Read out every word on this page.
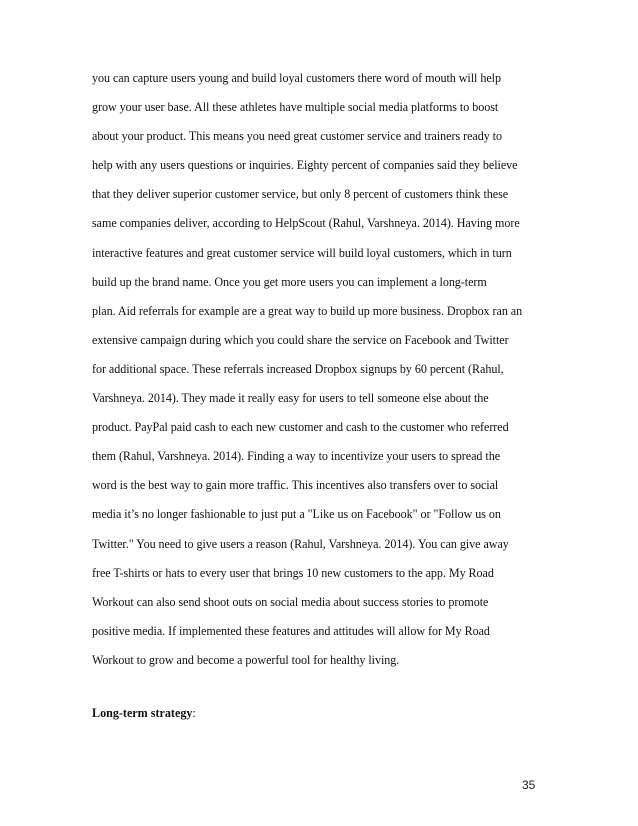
you can capture users young and build loyal customers there word of mouth will help
grow your user base. All these athletes have multiple social media platforms to boost
about your product. This means you need great customer service and trainers ready to
help with any users questions or inquiries. Eighty percent of companies said they believe
that they deliver superior customer service, but only 8 percent of customers think these
same companies deliver, according to HelpScout (Rahul, Varshneya. 2014). Having more
interactive features and great customer service will build loyal customers, which in turn
build up the brand name. Once you get more users you can implement a long-term
plan. Aid referrals for example are a great way to build up more business. Dropbox ran an
extensive campaign during which you could share the service on Facebook and Twitter
for additional space. These referrals increased Dropbox signups by 60 percent (Rahul,
Varshneya. 2014). They made it really easy for users to tell someone else about the
product. PayPal paid cash to each new customer and cash to the customer who referred
them (Rahul, Varshneya. 2014). Finding a way to incentivize your users to spread the
word is the best way to gain more traffic. This incentives also transfers over to social
media it’s no longer fashionable to just put a "Like us on Facebook" or "Follow us on
Twitter." You need to give users a reason (Rahul, Varshneya. 2014). You can give away
free T-shirts or hats to every user that brings 10 new customers to the app. My Road
Workout can also send shoot outs on social media about success stories to promote
positive media. If implemented these features and attitudes will allow for My Road
Workout to grow and become a powerful tool for healthy living.
Long-term strategy:
35
